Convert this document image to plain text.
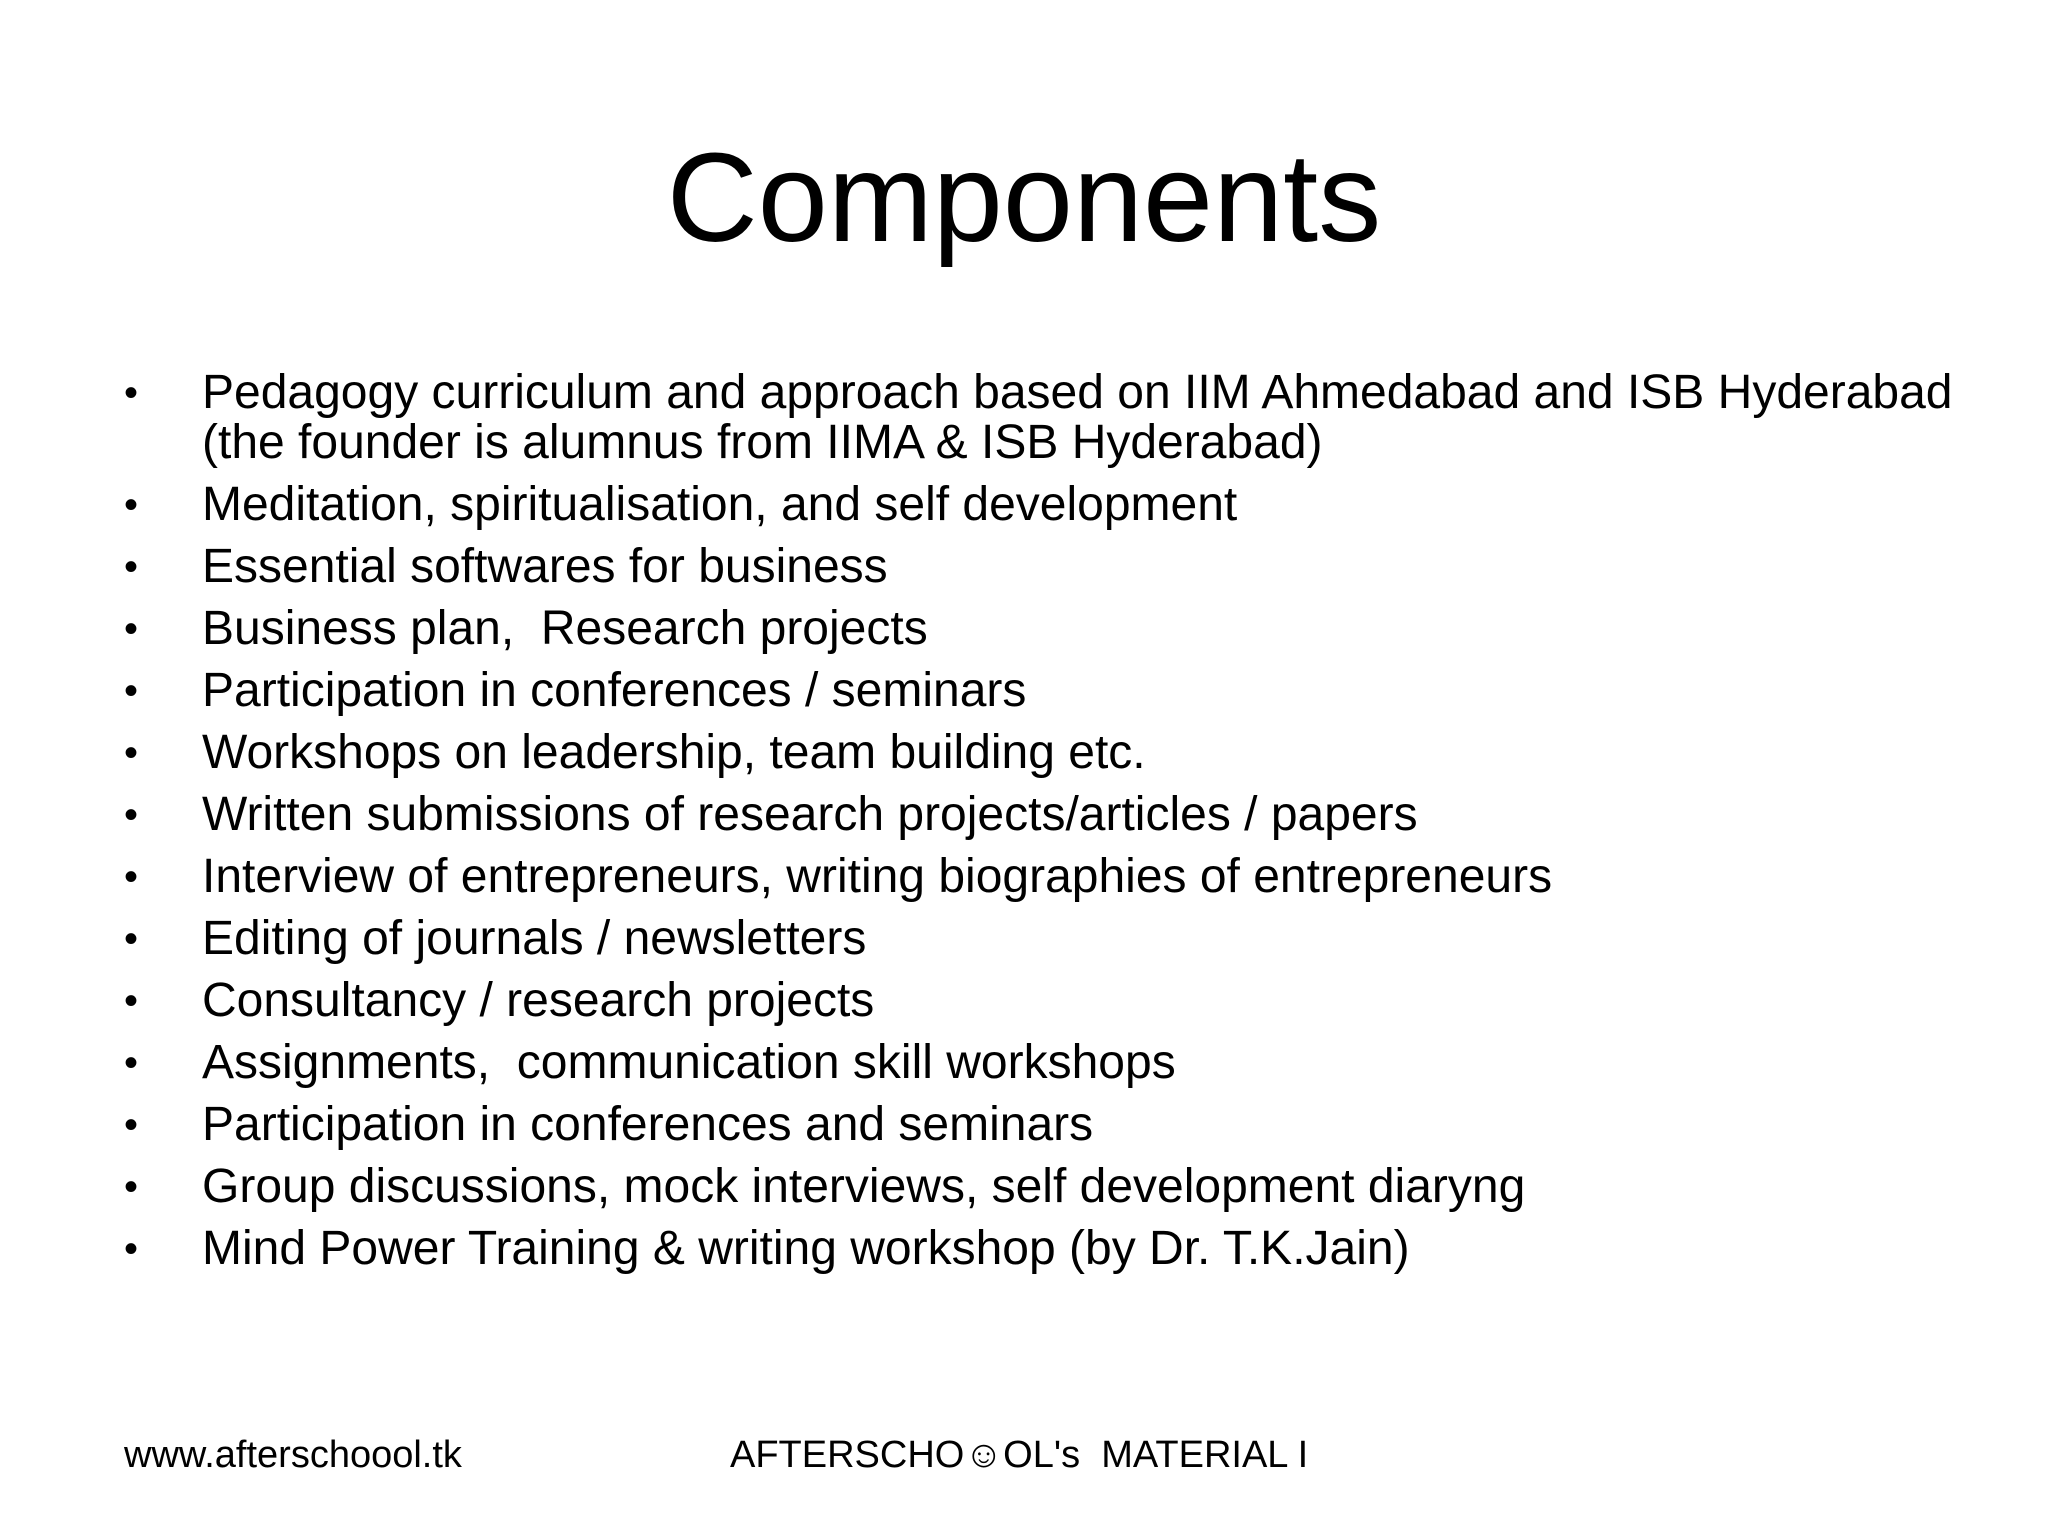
Components
• Pedagogy curriculum and approach based on IIM Ahmedabad and ISB Hyderabad (the founder is alumnus from IIMA & ISB Hyderabad)
• Meditation, spiritualisation, and self development
• Essential softwares for business
• Business plan,  Research projects
• Participation in conferences / seminars
• Workshops on leadership, team building etc.
• Written submissions of research projects/articles / papers
• Interview of entrepreneurs, writing biographies of entrepreneurs
• Editing of journals / newsletters
• Consultancy / research projects
• Assignments,  communication skill workshops
• Participation in conferences and seminars
• Group discussions, mock interviews, self development diaryng
• Mind Power Training & writing workshop (by Dr. T.K.Jain)
www.afterschoool.tk	AFTERSCHO☺OL's  MATERIAL I
